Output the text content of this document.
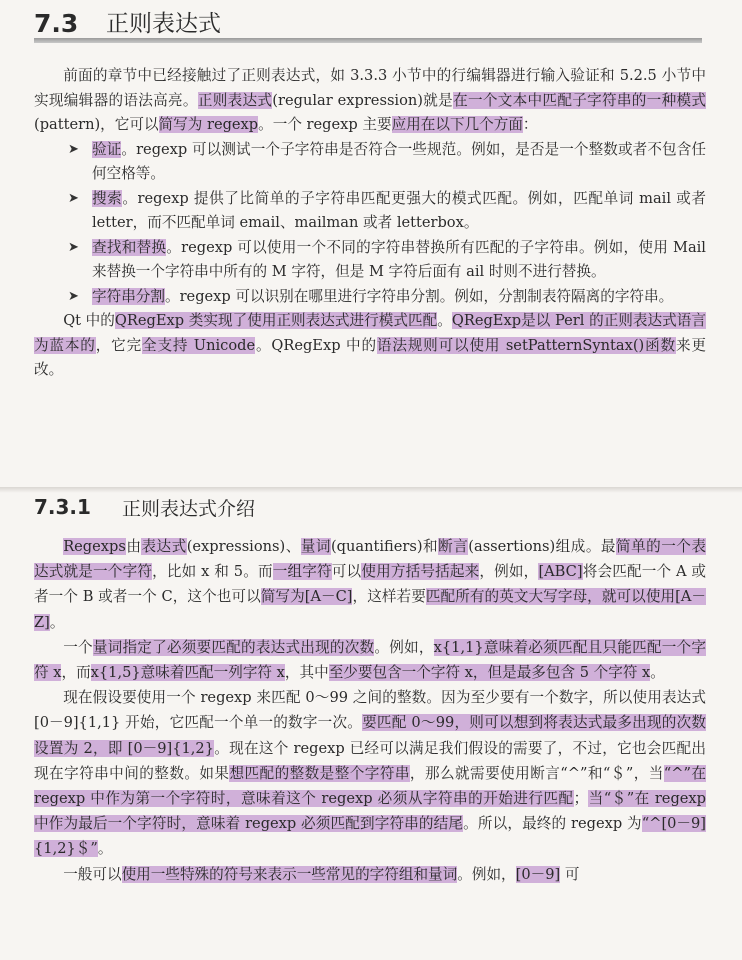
7.3	正则表达式

前面的章节中已经接触过了正则表达式，如 3.3.3 小节中的行编辑器进行输入验证和 5.2.5 小节中实现编辑器的语法高亮。正则表达式(regular expression)就是在一个文本中匹配子字符串的一种模式(pattern)，它可以简写为 regexp。一个 regexp 主要应用在以下几个方面：

➤ 验证。regexp 可以测试一个子字符串是否符合一些规范。例如，是否是一个整数或者不包含任何空格等。
➤ 搜索。regexp 提供了比简单的子字符串匹配更强大的模式匹配。例如，匹配单词 mail 或者 letter，而不匹配单词 email、mailman 或者 letterbox。
➤ 查找和替换。regexp 可以使用一个不同的字符串替换所有匹配的子字符串。例如，使用 Mail 来替换一个字符串中所有的 M 字符，但是 M 字符后面有 ail 时则不进行替换。
➤ 字符串分割。regexp 可以识别在哪里进行字符串分割。例如，分割制表符隔离的字符串。

Qt 中的QRegExp 类实现了使用正则表达式进行模式匹配。QRegExp是以 Perl 的正则表达式语言为蓝本的，它完全支持 Unicode。QRegExp 中的语法规则可以使用 setPatternSyntax()函数来更改。

7.3.1	正则表达式介绍

Regexps由表达式(expressions)、量词(quantifiers)和断言(assertions)组成。最简单的一个表达式就是一个字符，比如 x 和 5。而一组字符可以使用方括号括起来，例如，[ABC]将会匹配一个 A 或者一个 B 或者一个 C，这个也可以简写为[A－C]，这样若要匹配所有的英文大写字母，就可以使用[A－Z]。

一个量词指定了必须要匹配的表达式出现的次数。例如，x{1,1}意味着必须匹配且只能匹配一个字符 x，而x{1,5}意味着匹配一列字符 x，其中至少要包含一个字符 x，但是最多包含 5 个字符 x。

现在假设要使用一个 regexp 来匹配 0～99 之间的整数。因为至少要有一个数字，所以使用表达式 [0－9]{1,1} 开始，它匹配一个单一的数字一次。要匹配 0～99，则可以想到将表达式最多出现的次数设置为 2，即 [0－9]{1,2}。现在这个 regexp 已经可以满足我们假设的需要了，不过，它也会匹配出现在字符串中间的整数。如果想匹配的整数是整个字符串，那么就需要使用断言“^”和“＄”，当“^”在 regexp 中作为第一个字符时，意味着这个 regexp 必须从字符串的开始进行匹配；当“＄”在 regexp 中作为最后一个字符时，意味着 regexp 必须匹配到字符串的结尾。所以，最终的 regexp 为“^[0－9]{1,2}＄”。

一般可以使用一些特殊的符号来表示一些常见的字符组和量词。例如，[0－9] 可
